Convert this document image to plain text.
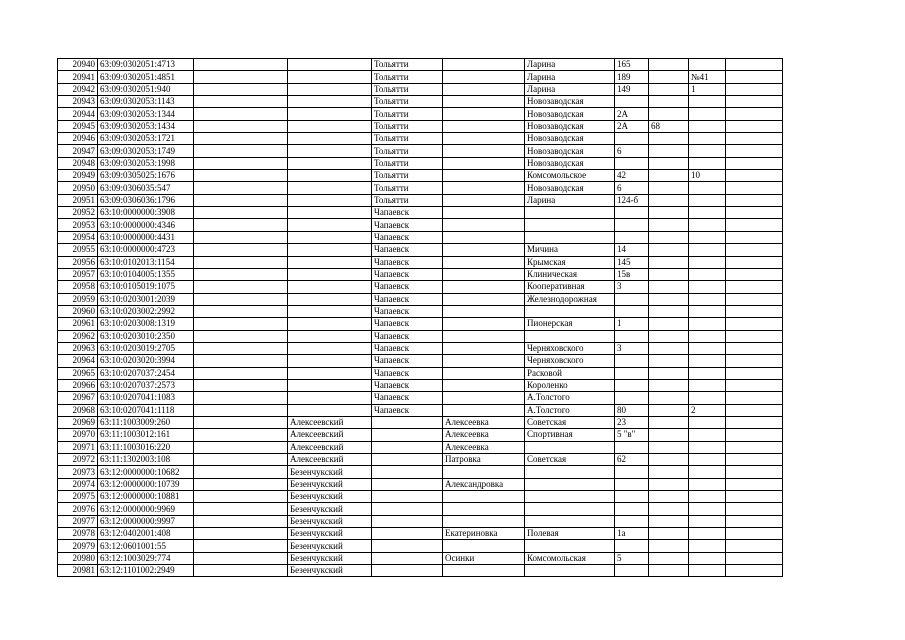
20940	63:09:0302051:4713			Тольятти		Ларина	165			
20941	63:09:0302051:4851			Тольятти		Ларина	189		№41	
20942	63:09:0302051:940			Тольятти		Ларина	149		1	
20943	63:09:0302053:1143			Тольятти		Новозаводская				
20944	63:09:0302053:1344			Тольятти		Новозаводская	2А			
20945	63:09:0302053:1434			Тольятти		Новозаводская	2А	68		
20946	63:09:0302053:1721			Тольятти		Новозаводская				
20947	63:09:0302053:1749			Тольятти		Новозаводская	6			
20948	63:09:0302053:1998			Тольятти		Новозаводская				
20949	63:09:0305025:1676			Тольятти		Комсомольское	42		10	
20950	63:09:0306035:547			Тольятти		Новозаводская	6			
20951	63:09:0306036:1796			Тольятти		Ларина	124-б			
20952	63:10:0000000:3908			Чапаевск						
20953	63:10:0000000:4346			Чапаевск						
20954	63:10:0000000:4431			Чапаевск						
20955	63:10:0000000:4723			Чапаевск		Мичина	14			
20956	63:10:0102013:1154			Чапаевск		Крымская	145			
20957	63:10:0104005:1355			Чапаевск		Клиническая	15в			
20958	63:10:0105019:1075			Чапаевск		Кооперативная	3			
20959	63:10:0203001:2039			Чапаевск		Железнодорожная				
20960	63:10:0203002:2992			Чапаевск						
20961	63:10:0203008:1319			Чапаевск		Пионерская	1			
20962	63:10:0203010:2350			Чапаевск						
20963	63:10:0203019:2705			Чапаевск		Черняховского	3			
20964	63:10:0203020:3994			Чапаевск		Черняховского				
20965	63:10:0207037:2454			Чапаевск		Расковой				
20966	63:10:0207037:2573			Чапаевск		Короленко				
20967	63:10:0207041:1083			Чапаевск		А.Толстого				
20968	63:10:0207041:1118			Чапаевск		А.Толстого	80		2	
20969	63:11:1003009:260		Алексеевский		Алексеевка	Советская	23			
20970	63:11:1003012:161		Алексеевский		Алексеевка	Спортивная	5 "в"			
20971	63:11:1003016:220		Алексеевский		Алексеевка					
20972	63:11:1302003:108		Алексеевский		Патровка	Советская	62			
20973	63:12:0000000:10682		Безенчукский							
20974	63:12:0000000:10739		Безенчукский		Александровка					
20975	63:12:0000000:10881		Безенчукский							
20976	63:12:0000000:9969		Безенчукский							
20977	63:12:0000000:9997		Безенчукский							
20978	63:12:0402001:408		Безенчукский		Екатериновка	Полевая	1а			
20979	63:12:0601001:55		Безенчукский							
20980	63:12:1003029:774		Безенчукский		Осинки	Комсомольская	5			
20981	63:12:1101002:2949		Безенчукский							
